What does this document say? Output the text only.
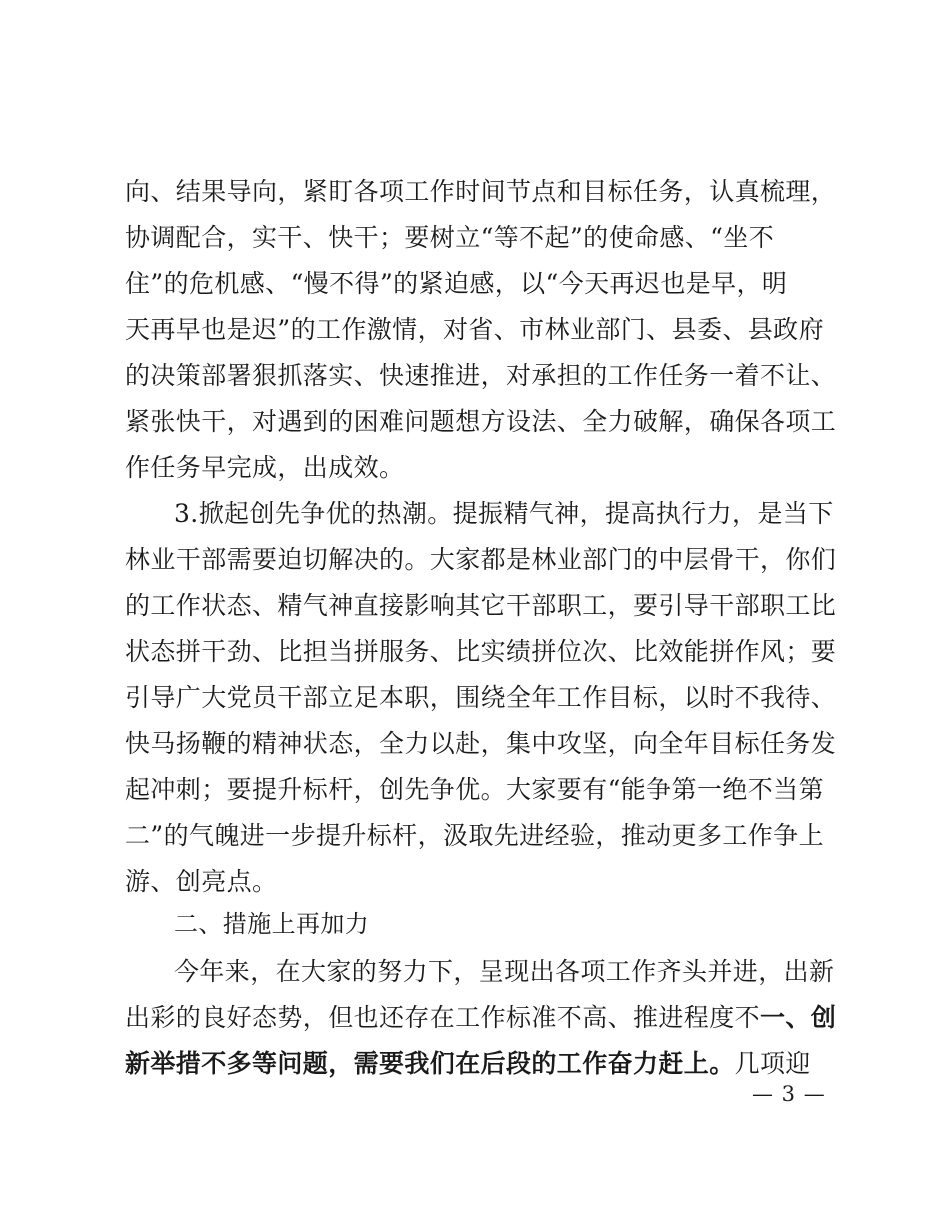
向、结果导向，紧盯各项工作时间节点和目标任务，认真梳理，
协调配合，实干、快干；要树立“等不起”的使命感、“坐不
住”的危机感、“慢不得”的紧迫感，以“今天再迟也是早，明
天再早也是迟”的工作激情，对省、市林业部门、县委、县政府
的决策部署狠抓落实、快速推进，对承担的工作任务一着不让、
紧张快干，对遇到的困难问题想方设法、全力破解，确保各项工
作任务早完成，出成效。
3.掀起创先争优的热潮。提振精气神，提高执行力，是当下
林业干部需要迫切解决的。大家都是林业部门的中层骨干，你们
的工作状态、精气神直接影响其它干部职工，要引导干部职工比
状态拼干劲、比担当拼服务、比实绩拼位次、比效能拼作风；要
引导广大党员干部立足本职，围绕全年工作目标，以时不我待、
快马扬鞭的精神状态，全力以赴，集中攻坚，向全年目标任务发
起冲刺；要提升标杆，创先争优。大家要有“能争第一绝不当第
二”的气魄进一步提升标杆，汲取先进经验，推动更多工作争上
游、创亮点。
二、措施上再加力
今年来，在大家的努力下，呈现出各项工作齐头并进，出新
出彩的良好态势，但也还存在工作标准不高、推进程度不一、创
新举措不多等问题，需要我们在后段的工作奋力赶上。几项迎
— 3 —
